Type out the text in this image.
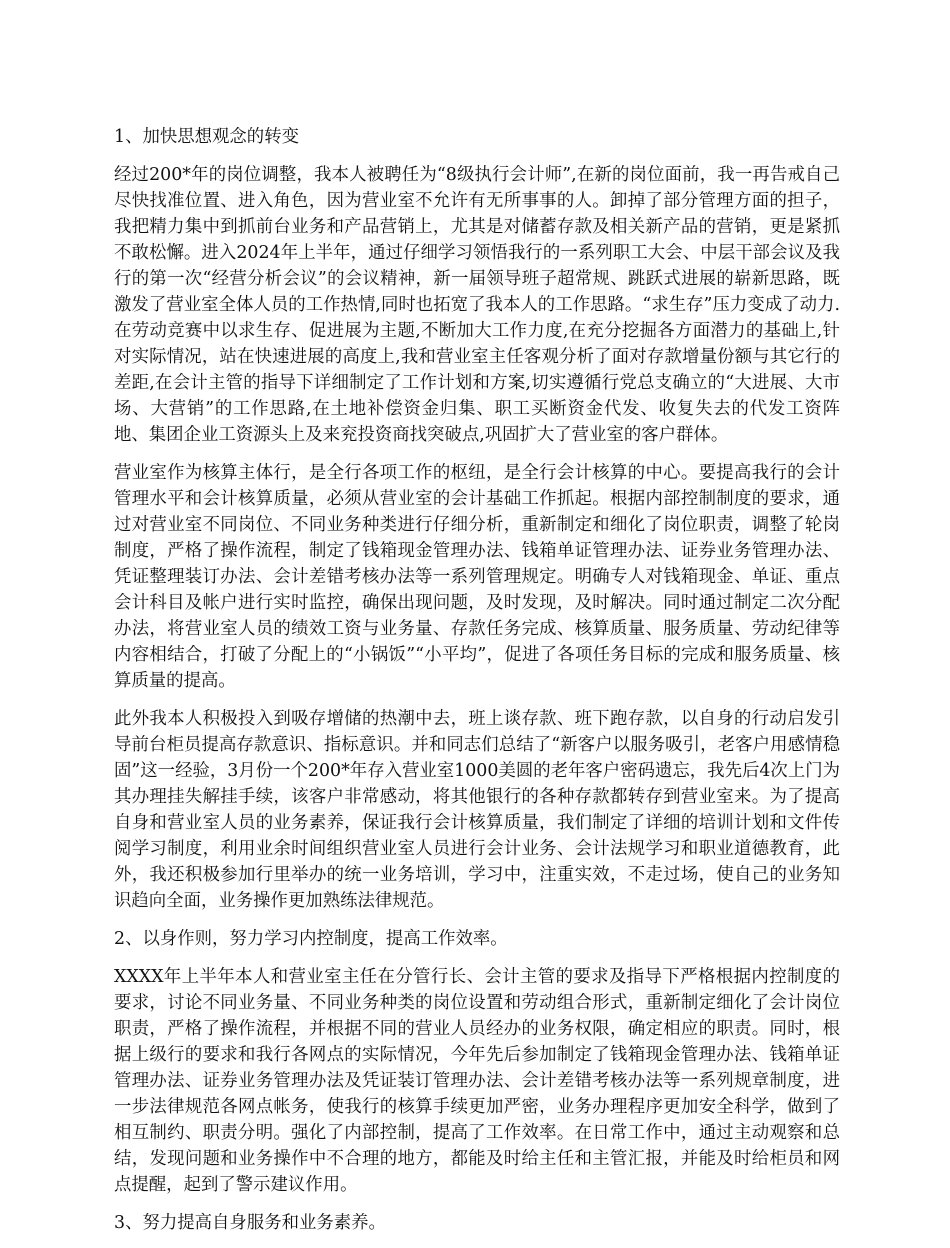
1、加快思想观念的转变

经过200*年的岗位调整，我本人被聘任为“8级执行会计师”,在新的岗位面前，我一再告戒自己尽快找准位置、进入角色，因为营业室不允许有无所事事的人。卸掉了部分管理方面的担子，我把精力集中到抓前台业务和产品营销上，尤其是对储蓄存款及相关新产品的营销，更是紧抓不敢松懈。进入2024年上半年，通过仔细学习领悟我行的一系列职工大会、中层干部会议及我行的第一次“经营分析会议”的会议精神，新一届领导班子超常规、跳跃式进展的崭新思路，既激发了营业室全体人员的工作热情,同时也拓宽了我本人的工作思路。“求生存”压力变成了动力.在劳动竞赛中以求生存、促进展为主题,不断加大工作力度,在充分挖掘各方面潜力的基础上,针对实际情况，站在快速进展的高度上,我和营业室主任客观分析了面对存款增量份额与其它行的差距,在会计主管的指导下详细制定了工作计划和方案,切实遵循行党总支确立的“大进展、大市场、大营销”的工作思路,在土地补偿资金归集、职工买断资金代发、收复失去的代发工资阵地、集团企业工资源头上及来兖投资商找突破点,巩固扩大了营业室的客户群体。

营业室作为核算主体行，是全行各项工作的枢纽，是全行会计核算的中心。要提高我行的会计管理水平和会计核算质量，必须从营业室的会计基础工作抓起。根据内部控制制度的要求，通过对营业室不同岗位、不同业务种类进行仔细分析，重新制定和细化了岗位职责，调整了轮岗制度，严格了操作流程，制定了钱箱现金管理办法、钱箱单证管理办法、证券业务管理办法、凭证整理装订办法、会计差错考核办法等一系列管理规定。明确专人对钱箱现金、单证、重点会计科目及帐户进行实时监控，确保出现问题，及时发现，及时解决。同时通过制定二次分配办法，将营业室人员的绩效工资与业务量、存款任务完成、核算质量、服务质量、劳动纪律等内容相结合，打破了分配上的“小锅饭”“小平均”，促进了各项任务目标的完成和服务质量、核算质量的提高。

此外我本人积极投入到吸存增储的热潮中去，班上谈存款、班下跑存款，以自身的行动启发引导前台柜员提高存款意识、指标意识。并和同志们总结了“新客户以服务吸引，老客户用感情稳固”这一经验，3月份一个200*年存入营业室1000美圆的老年客户密码遗忘，我先后4次上门为其办理挂失解挂手续，该客户非常感动，将其他银行的各种存款都转存到营业室来。为了提高自身和营业室人员的业务素养，保证我行会计核算质量，我们制定了详细的培训计划和文件传阅学习制度，利用业余时间组织营业室人员进行会计业务、会计法规学习和职业道德教育，此外，我还积极参加行里举办的统一业务培训，学习中，注重实效，不走过场，使自己的业务知识趋向全面，业务操作更加熟练法律规范。

2、以身作则，努力学习内控制度，提高工作效率。

XXXX年上半年本人和营业室主任在分管行长、会计主管的要求及指导下严格根据内控制度的要求，讨论不同业务量、不同业务种类的岗位设置和劳动组合形式，重新制定细化了会计岗位职责，严格了操作流程，并根据不同的营业人员经办的业务权限，确定相应的职责。同时，根据上级行的要求和我行各网点的实际情况，今年先后参加制定了钱箱现金管理办法、钱箱单证管理办法、证券业务管理办法及凭证装订管理办法、会计差错考核办法等一系列规章制度，进一步法律规范各网点帐务，使我行的核算手续更加严密，业务办理程序更加安全科学，做到了相互制约、职责分明。强化了内部控制，提高了工作效率。在日常工作中，通过主动观察和总结，发现问题和业务操作中不合理的地方，都能及时给主任和主管汇报，并能及时给柜员和网点提醒，起到了警示建议作用。

3、努力提高自身服务和业务素养。
